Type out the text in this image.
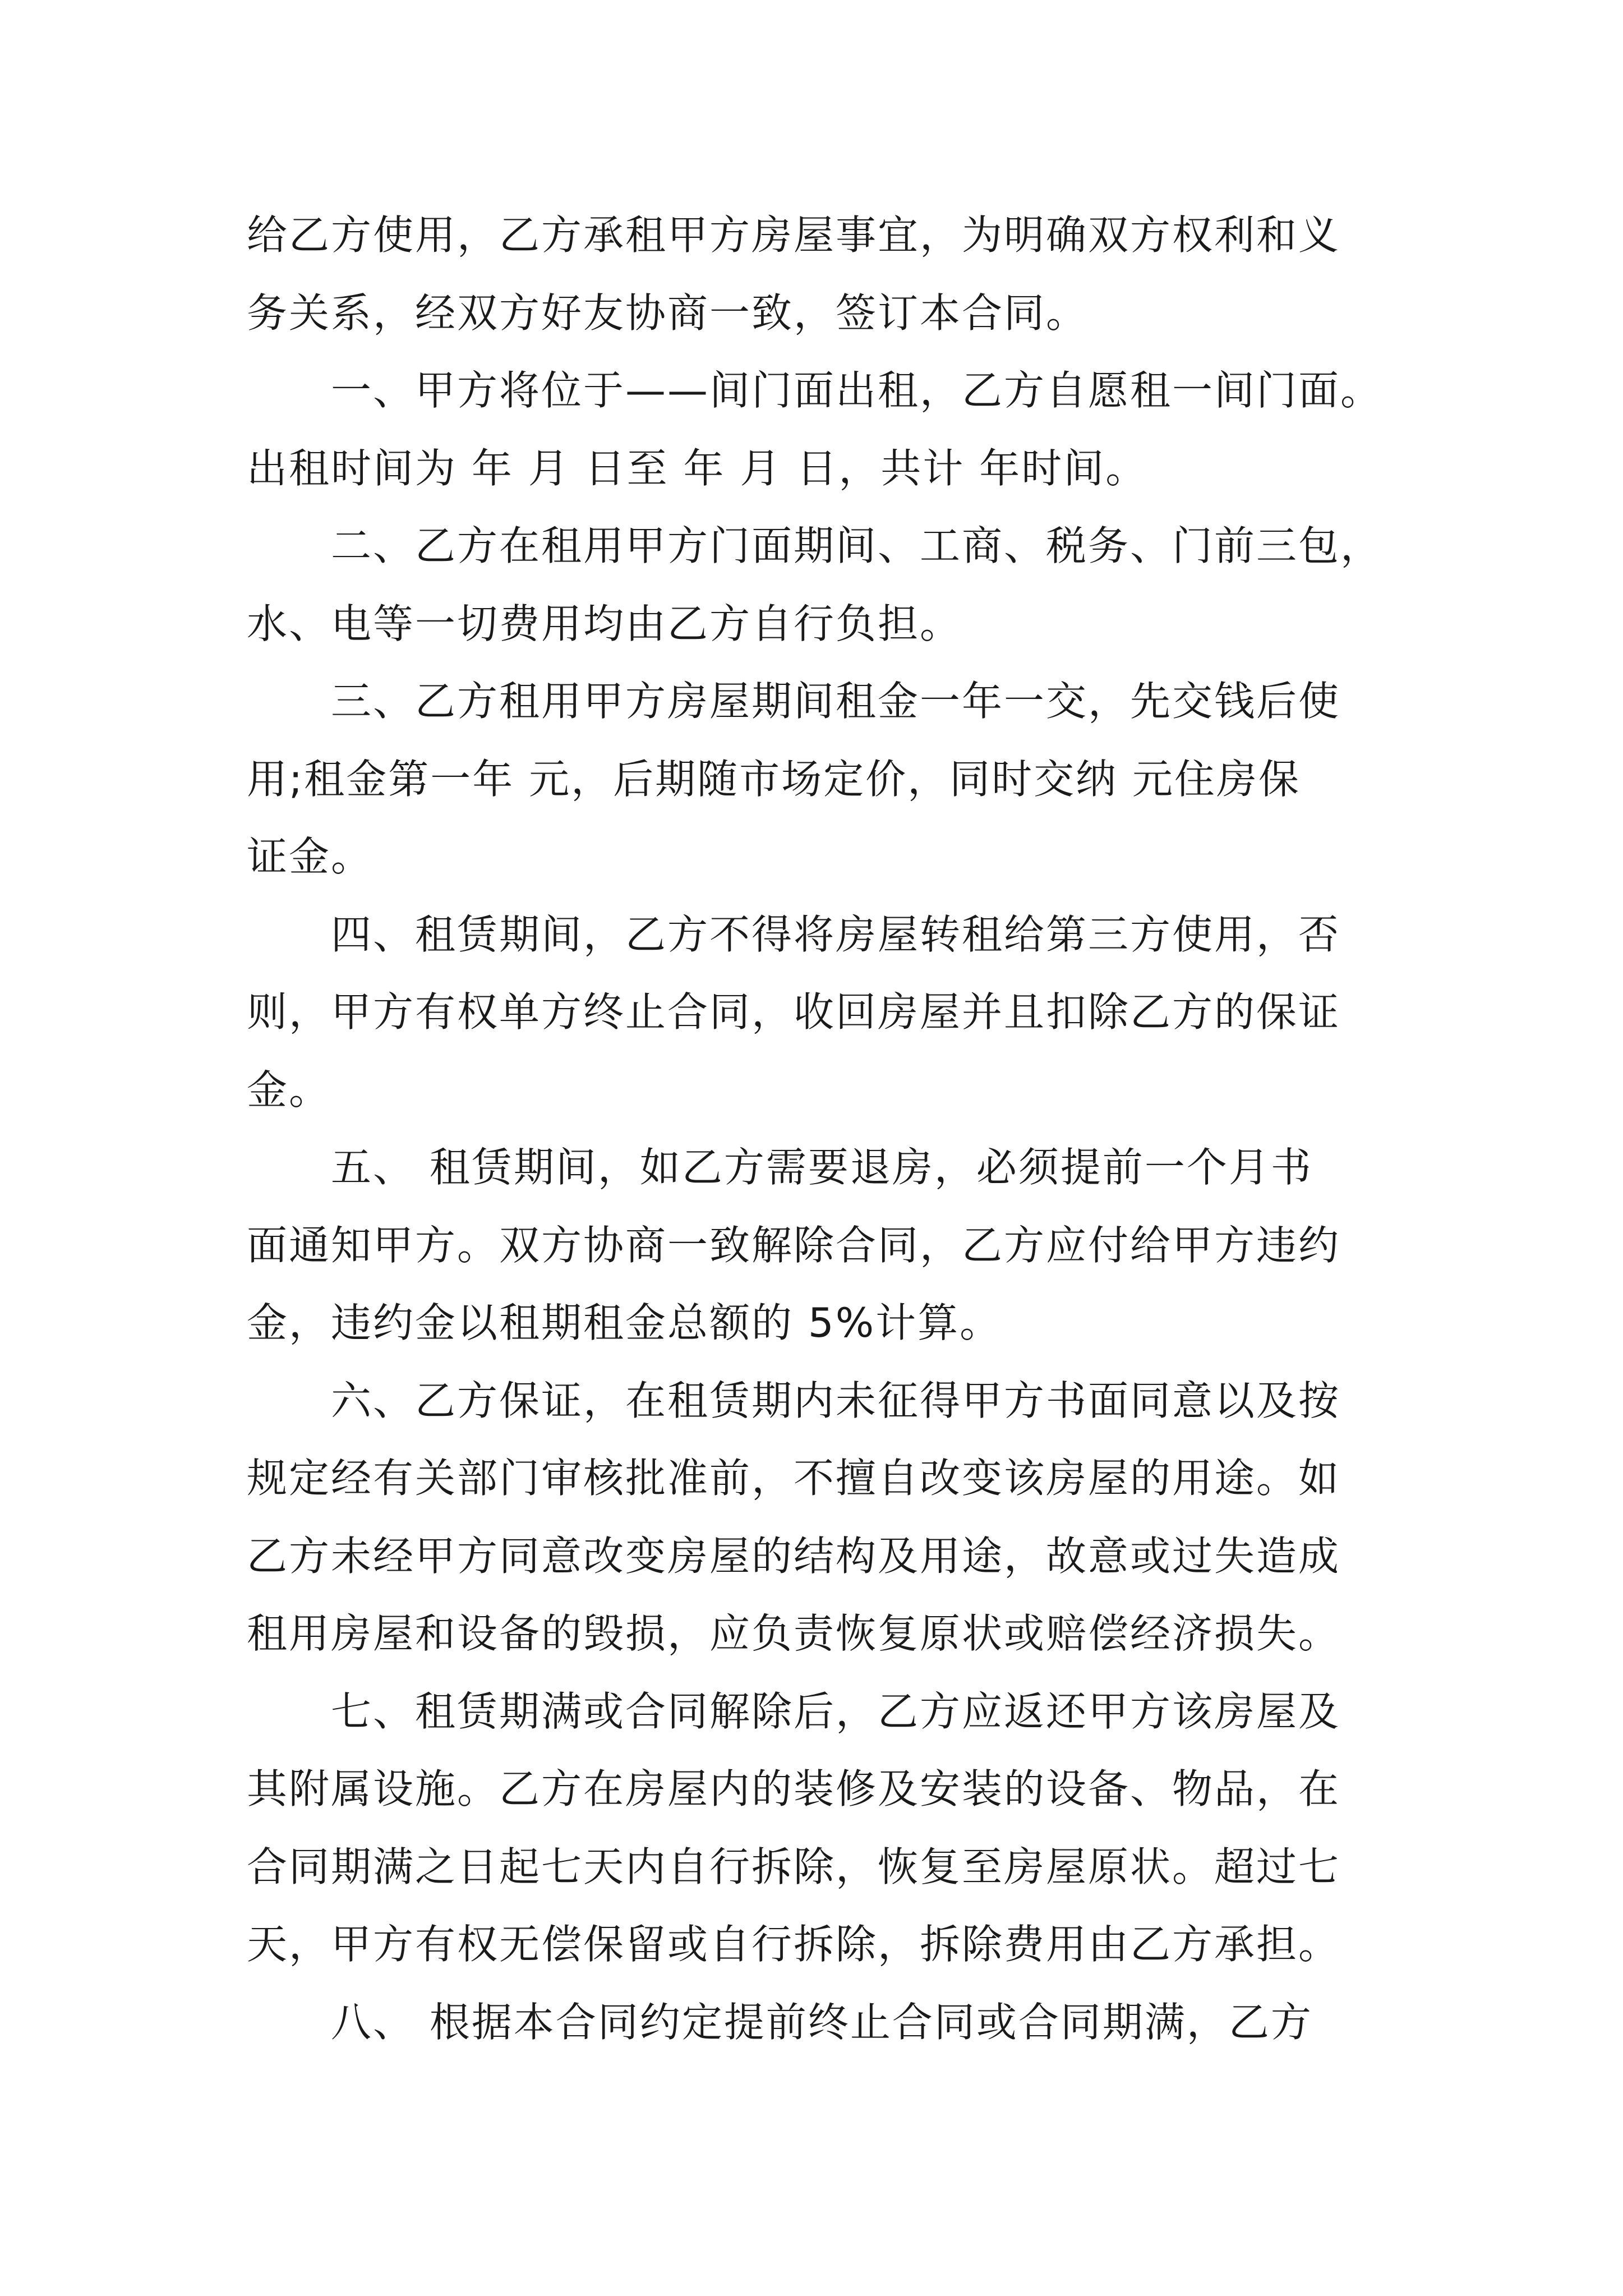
给乙方使用，乙方承租甲方房屋事宜，为明确双方权利和义
务关系，经双方好友协商一致，签订本合同。
一、甲方将位于——间门面出租，乙方自愿租一间门面。
出租时间为 年 月 日至 年 月 日，共计 年时间。
二、乙方在租用甲方门面期间、工商、税务、门前三包，
水、电等一切费用均由乙方自行负担。
三、乙方租用甲方房屋期间租金一年一交，先交钱后使
用;租金第一年 元，后期随市场定价，同时交纳 元住房保
证金。
四、租赁期间，乙方不得将房屋转租给第三方使用，否
则，甲方有权单方终止合同，收回房屋并且扣除乙方的保证
金。
五、 租赁期间，如乙方需要退房，必须提前一个月书
面通知甲方。双方协商一致解除合同，乙方应付给甲方违约
金，违约金以租期租金总额的 5%计算。
六、乙方保证，在租赁期内未征得甲方书面同意以及按
规定经有关部门审核批准前，不擅自改变该房屋的用途。如
乙方未经甲方同意改变房屋的结构及用途，故意或过失造成
租用房屋和设备的毁损，应负责恢复原状或赔偿经济损失。
七、租赁期满或合同解除后，乙方应返还甲方该房屋及
其附属设施。乙方在房屋内的装修及安装的设备、物品，在
合同期满之日起七天内自行拆除，恢复至房屋原状。超过七
天，甲方有权无偿保留或自行拆除，拆除费用由乙方承担。
八、 根据本合同约定提前终止合同或合同期满，乙方
